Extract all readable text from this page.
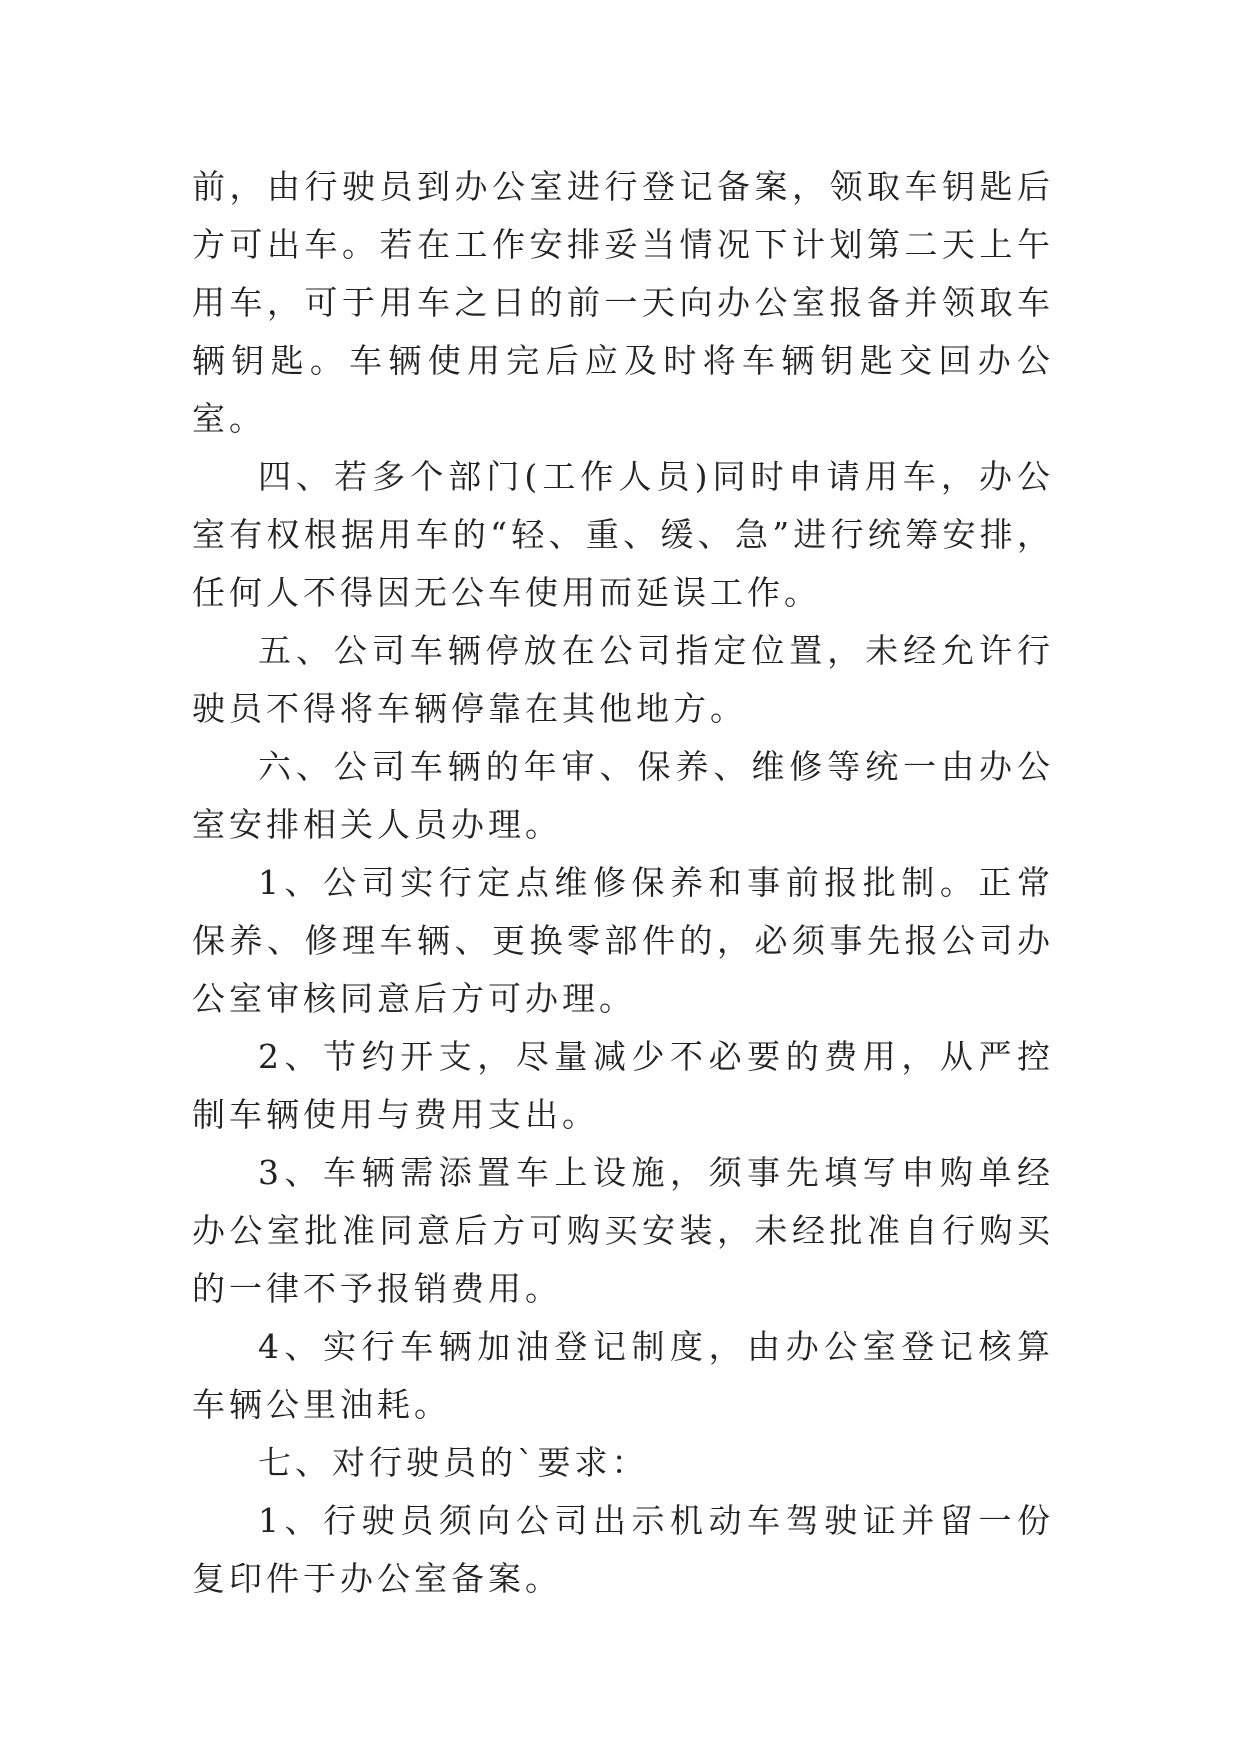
前，由行驶员到办公室进行登记备案，领取车钥匙后方可出车。若在工作安排妥当情况下计划第二天上午用车，可于用车之日的前一天向办公室报备并领取车辆钥匙。车辆使用完后应及时将车辆钥匙交回办公室。

四、若多个部门(工作人员)同时申请用车，办公室有权根据用车的“轻、重、缓、急”进行统筹安排，任何人不得因无公车使用而延误工作。

五、公司车辆停放在公司指定位置，未经允许行驶员不得将车辆停靠在其他地方。

六、公司车辆的年审、保养、维修等统一由办公室安排相关人员办理。

1、公司实行定点维修保养和事前报批制。正常保养、修理车辆、更换零部件的，必须事先报公司办公室审核同意后方可办理。

2、节约开支，尽量减少不必要的费用，从严控制车辆使用与费用支出。

3、车辆需添置车上设施，须事先填写申购单经办公室批准同意后方可购买安装，未经批准自行购买的一律不予报销费用。

4、实行车辆加油登记制度，由办公室登记核算车辆公里油耗。

七、对行驶员的`要求：

1、行驶员须向公司出示机动车驾驶证并留一份复印件于办公室备案。
